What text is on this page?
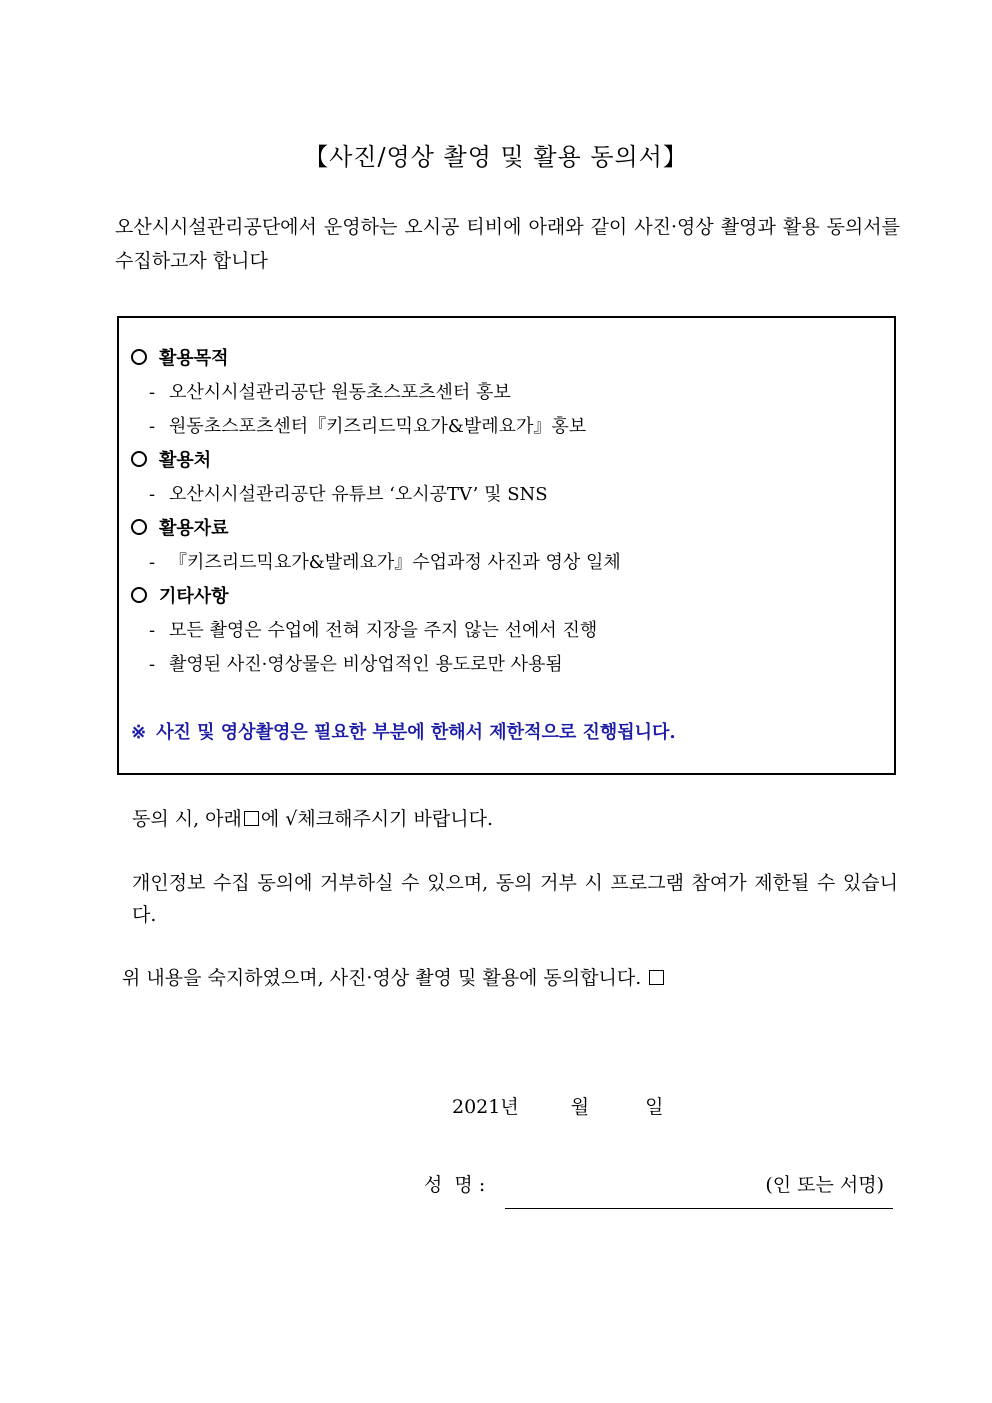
【사진/영상 촬영 및 활용 동의서】
오산시시설관리공단에서 운영하는 오시공 티비에 아래와 같이 사진·영상 촬영과 활용 동의서를 수집하고자 합니다
활용목적
- 오산시시설관리공단 원동초스포츠센터 홍보
- 원동초스포츠센터『키즈리드믹요가&발레요가』홍보
활용처
- 오산시시설관리공단 유튜브 ‘오시공TV’ 및 SNS
활용자료
- 『키즈리드믹요가&발레요가』수업과정 사진과 영상 일체
기타사항
- 모든 촬영은 수업에 전혀 지장을 주지 않는 선에서 진행
- 촬영된 사진·영상물은 비상업적인 용도로만 사용됨
※ 사진 및 영상촬영은 필요한 부분에 한해서 제한적으로 진행됩니다.
동의 시, 아래 에 √체크해주시기 바랍니다.
개인정보 수집 동의에 거부하실 수 있으며, 동의 거부 시 프로그램 참여가 제한될 수 있습니다.
위 내용을 숙지하였으며, 사진·영상 촬영 및 활용에 동의합니다.
2021년	월	일
성  명 :	(인 또는 서명)
